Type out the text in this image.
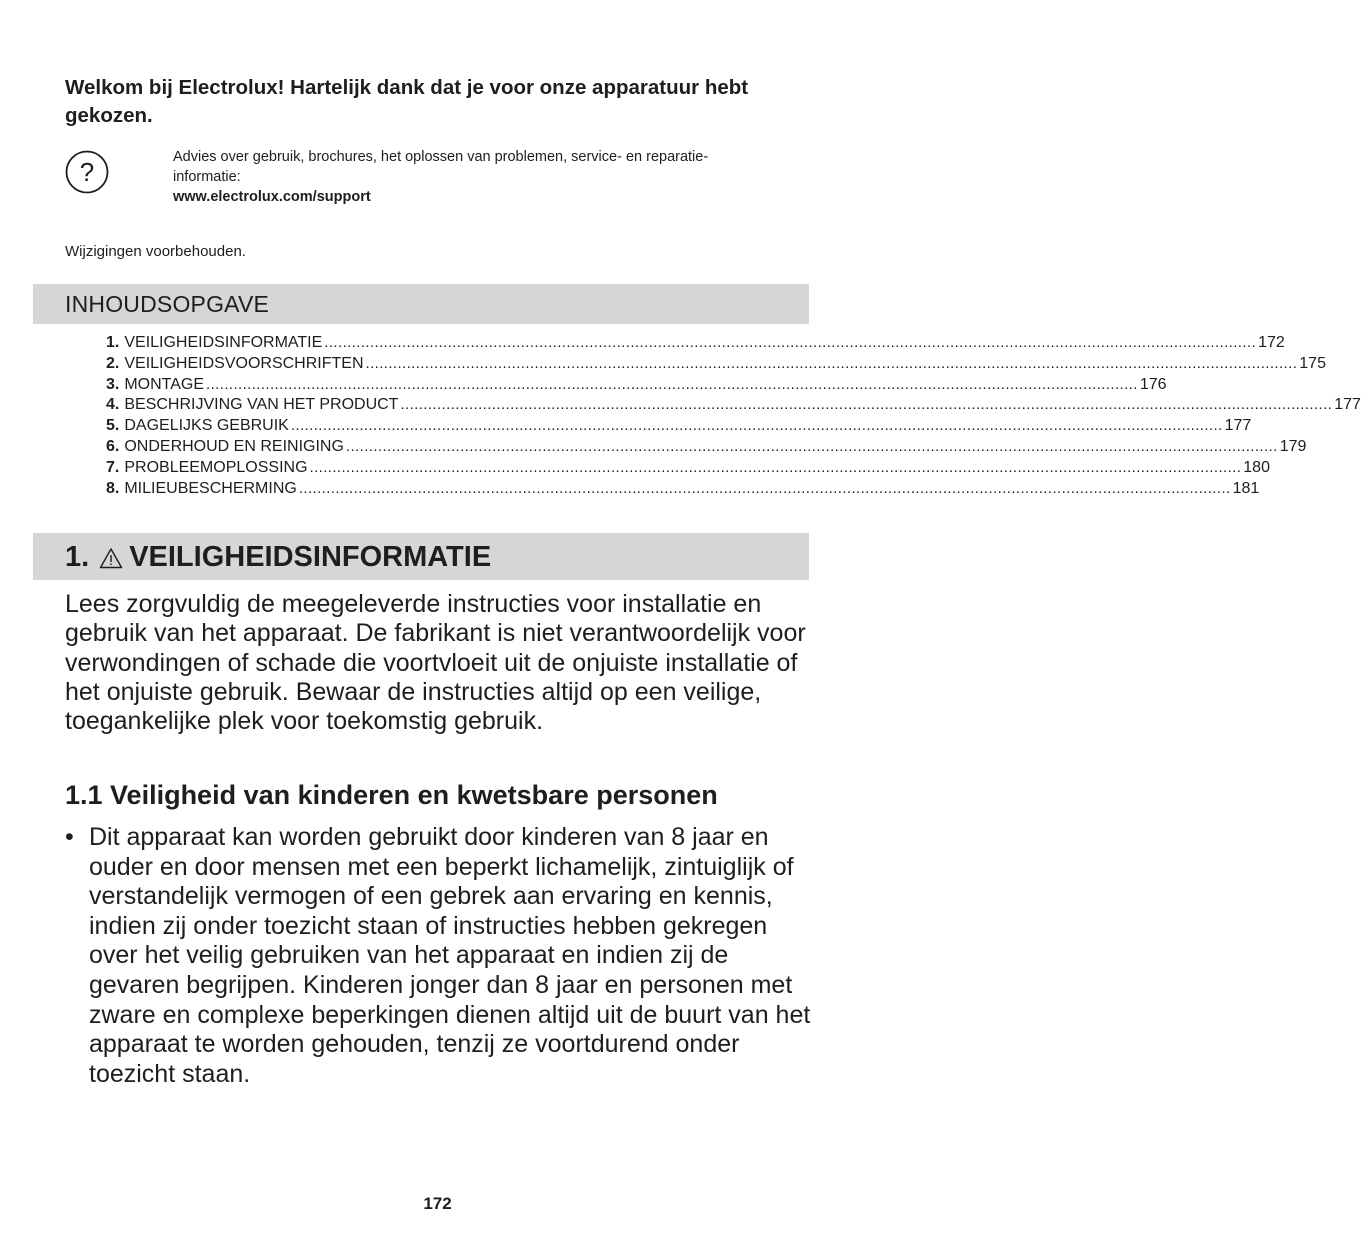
Welkom bij Electrolux! Hartelijk dank dat je voor onze apparatuur hebt gekozen.

?	Advies over gebruik, brochures, het oplossen van problemen, service- en reparatie-
informatie:
www.electrolux.com/support
Wijzigingen voorbehouden.
INHOUDSOPGAVE
1. VEILIGHEIDSINFORMATIE ............................................................................................................................................................................................................ 172
2. VEILIGHEIDSVOORSCHRIFTEN ............................................................................................................................................................................................................ 175
3. MONTAGE ............................................................................................................................................................................................................ 176
4. BESCHRIJVING VAN HET PRODUCT ............................................................................................................................................................................................................ 177
5. DAGELIJKS GEBRUIK ............................................................................................................................................................................................................ 177
6. ONDERHOUD EN REINIGING ............................................................................................................................................................................................................ 179
7. PROBLEEMOPLOSSING ............................................................................................................................................................................................................ 180
8. MILIEUBESCHERMING ............................................................................................................................................................................................................ 181
1. VEILIGHEIDSINFORMATIE

Lees zorgvuldig de meegeleverde instructies voor installatie en gebruik van het apparaat. De fabrikant is niet verantwoordelijk voor verwondingen of schade die voortvloeit uit de onjuiste installatie of het onjuiste gebruik. Bewaar de instructies altijd op een veilige, toegankelijke plek voor toekomstig gebruik.

1.1 Veiligheid van kinderen en kwetsbare personen
• Dit apparaat kan worden gebruikt door kinderen van 8 jaar en ouder en door mensen met een beperkt lichamelijk, zintuiglijk of verstandelijk vermogen of een gebrek aan ervaring en kennis, indien zij onder toezicht staan of instructies hebben gekregen over het veilig gebruiken van het apparaat en indien zij de gevaren begrijpen. Kinderen jonger dan 8 jaar en personen met zware en complexe beperkingen dienen altijd uit de buurt van het apparaat te worden gehouden, tenzij ze voortdurend onder toezicht staan.
172
